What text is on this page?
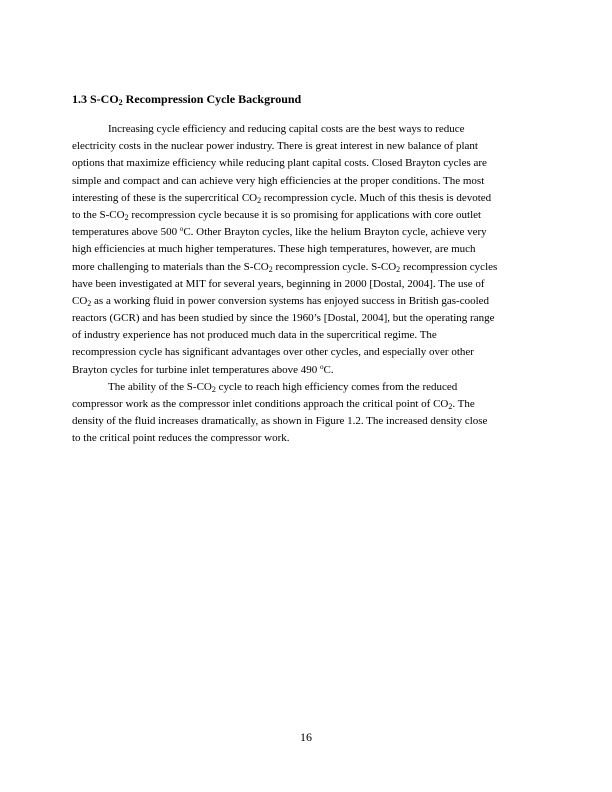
1.3 S-CO2 Recompression Cycle Background
Increasing cycle efficiency and reducing capital costs are the best ways to reduce
electricity costs in the nuclear power industry. There is great interest in new balance of plant
options that maximize efficiency while reducing plant capital costs. Closed Brayton cycles are
simple and compact and can achieve very high efficiencies at the proper conditions. The most
interesting of these is the supercritical CO2 recompression cycle. Much of this thesis is devoted
to the S-CO2 recompression cycle because it is so promising for applications with core outlet
temperatures above 500 $^o$C. Other Brayton cycles, like the helium Brayton cycle, achieve very
high efficiencies at much higher temperatures. These high temperatures, however, are much
more challenging to materials than the S-CO2 recompression cycle. S-CO2 recompression cycles
have been investigated at MIT for several years, beginning in 2000 [Dostal, 2004]. The use of
CO2 as a working fluid in power conversion systems has enjoyed success in British gas-cooled
reactors (GCR) and has been studied by since the 1960’s [Dostal, 2004], but the operating range
of industry experience has not produced much data in the supercritical regime. The
recompression cycle has significant advantages over other cycles, and especially over other
Brayton cycles for turbine inlet temperatures above 490 $^o$C.
The ability of the S-CO2 cycle to reach high efficiency comes from the reduced
compressor work as the compressor inlet conditions approach the critical point of CO2. The
density of the fluid increases dramatically, as shown in Figure 1.2. The increased density close
to the critical point reduces the compressor work.
16
